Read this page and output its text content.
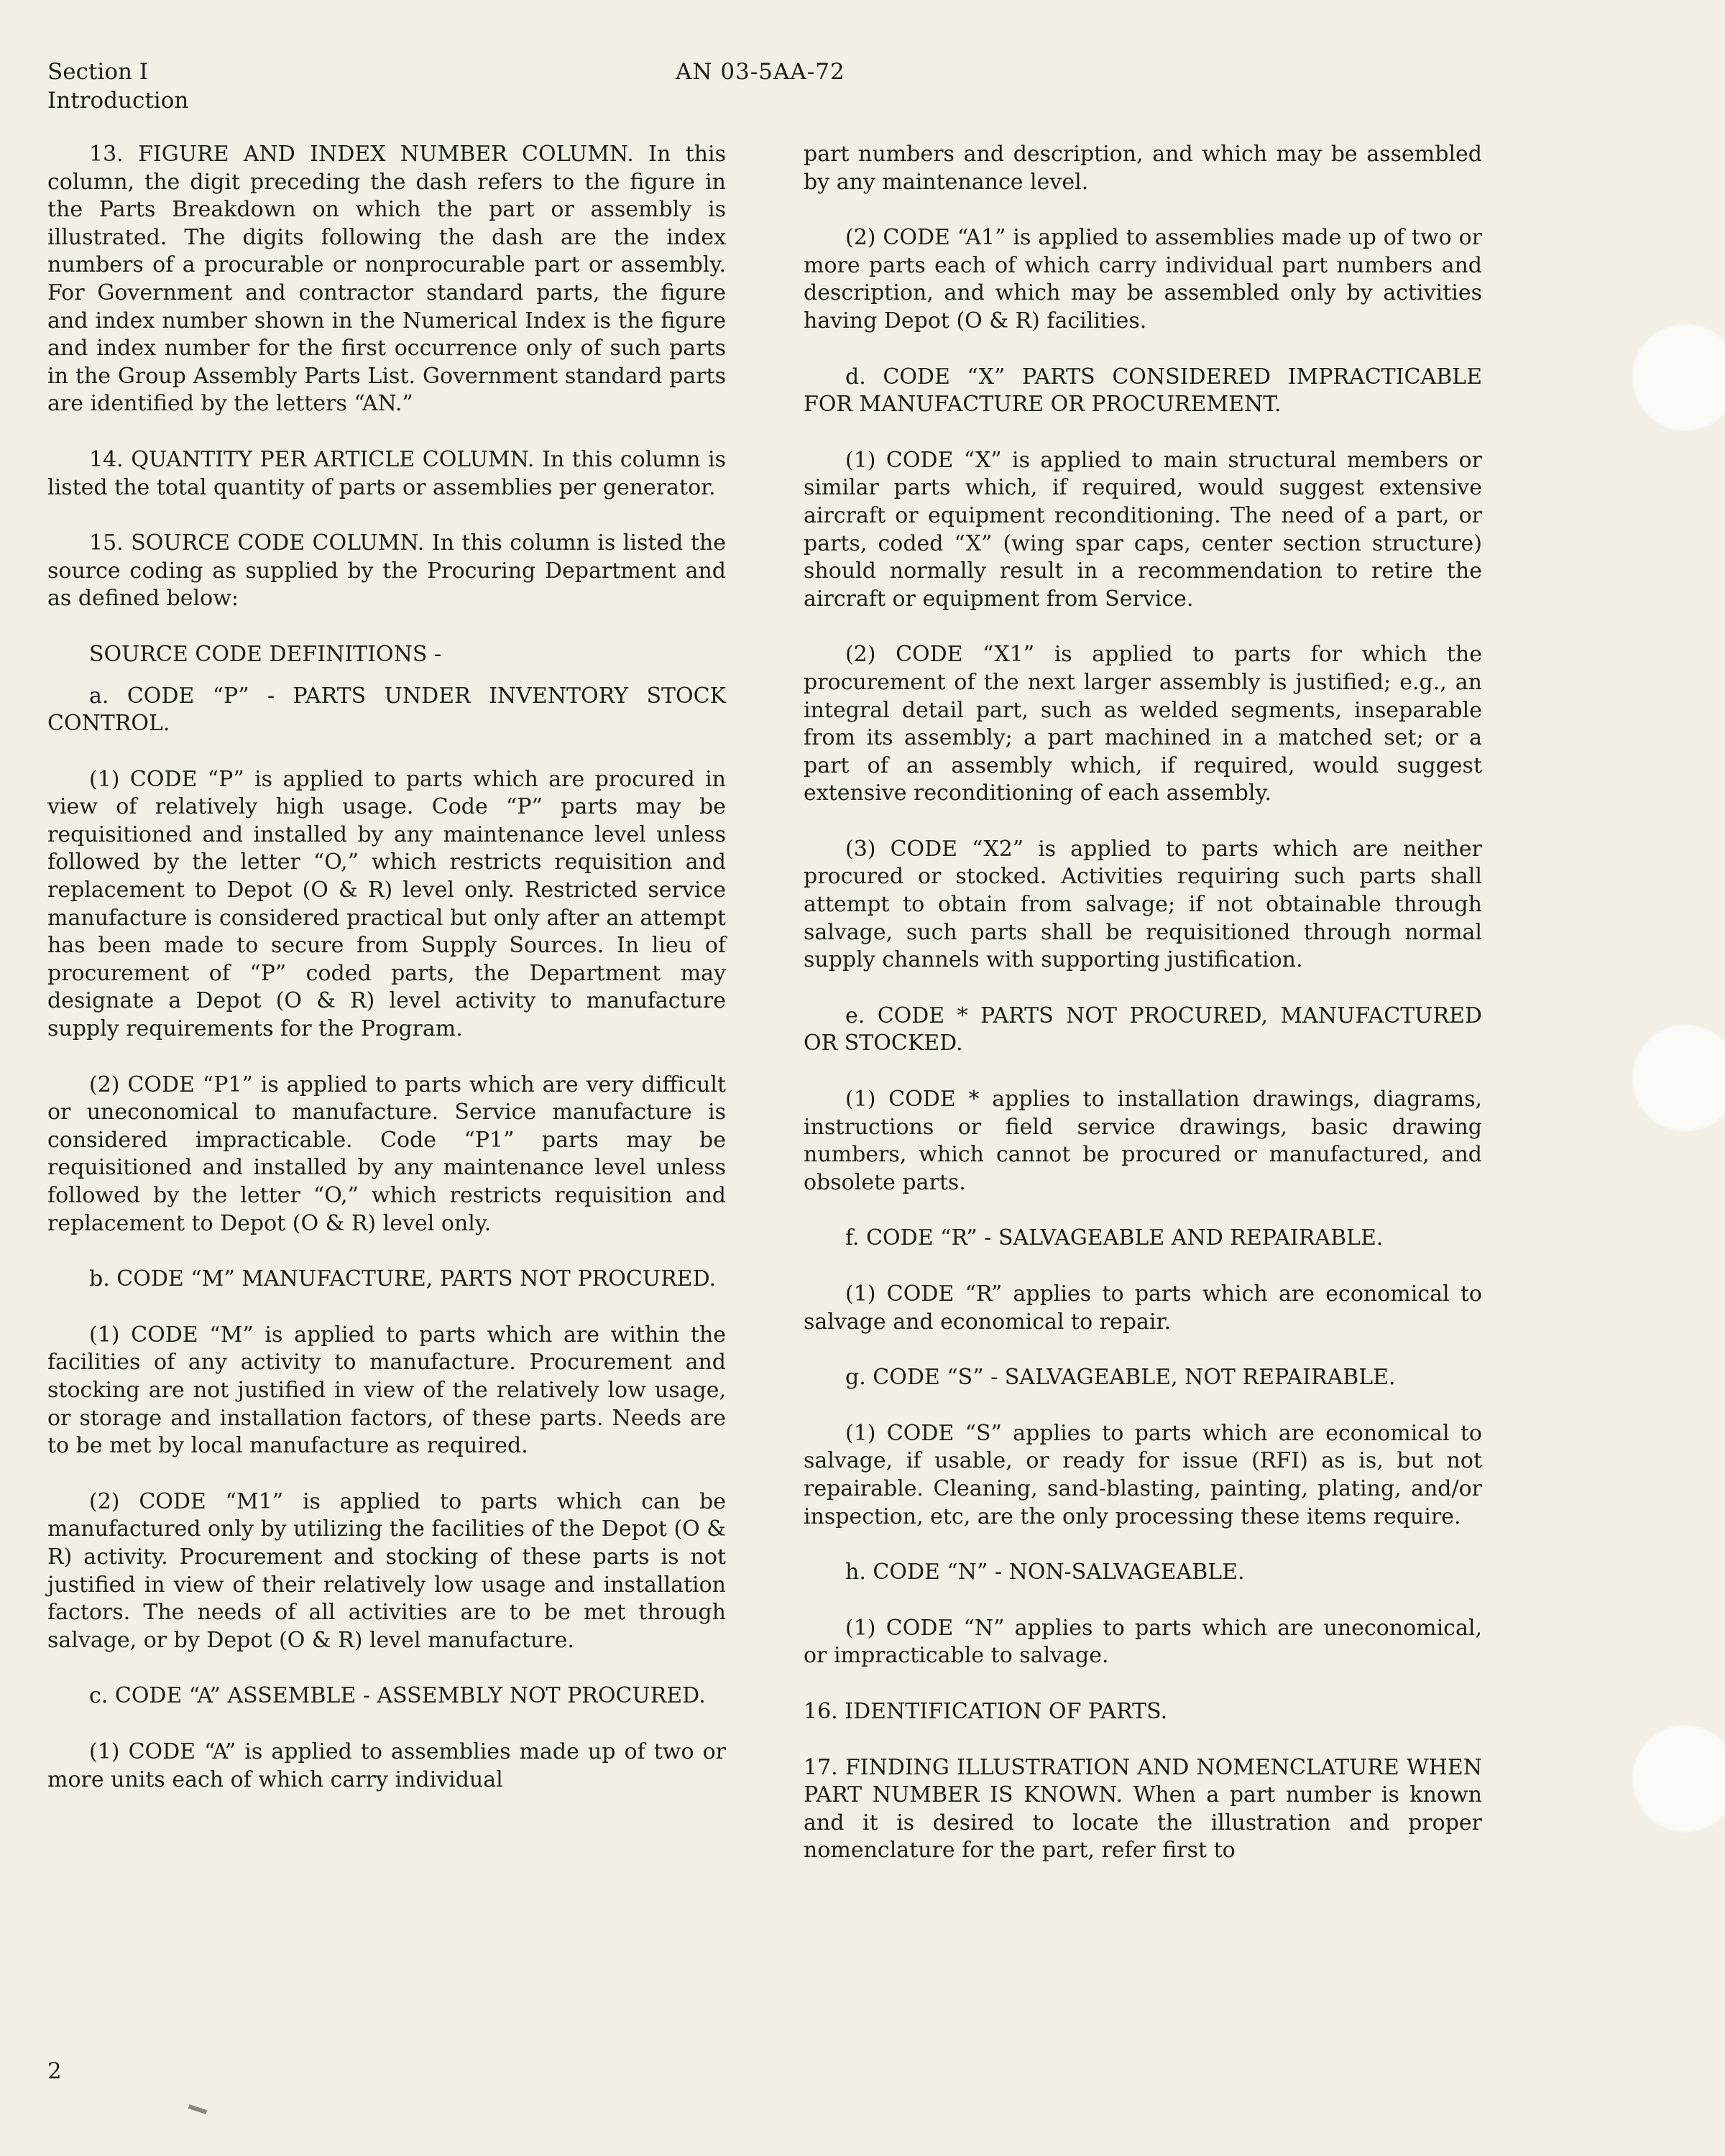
Section I
Introduction
AN 03-5AA-72

13. FIGURE AND INDEX NUMBER COLUMN. In this column, the digit preceding the dash refers to the figure in the Parts Breakdown on which the part or assembly is illustrated. The digits following the dash are the index numbers of a procurable or nonprocurable part or assembly. For Government and contractor standard parts, the figure and index number shown in the Numerical Index is the figure and index number for the first occurrence only of such parts in the Group Assembly Parts List. Government standard parts are identified by the letters “AN.”

14. QUANTITY PER ARTICLE COLUMN. In this column is listed the total quantity of parts or assemblies per generator.

15. SOURCE CODE COLUMN. In this column is listed the source coding as supplied by the Procuring Department and as defined below:

SOURCE CODE DEFINITIONS -

a. CODE “P” - PARTS UNDER INVENTORY STOCK CONTROL.

(1) CODE “P” is applied to parts which are procured in view of relatively high usage. Code “P” parts may be requisitioned and installed by any maintenance level unless followed by the letter “O,” which restricts requisition and replacement to Depot (O & R) level only. Restricted service manufacture is considered practical but only after an attempt has been made to secure from Supply Sources. In lieu of procurement of “P” coded parts, the Department may designate a Depot (O & R) level activity to manufacture supply requirements for the Program.

(2) CODE “P1” is applied to parts which are very difficult or uneconomical to manufacture. Service manufacture is considered impracticable. Code “P1” parts may be requisitioned and installed by any maintenance level unless followed by the letter “O,” which restricts requisition and replacement to Depot (O & R) level only.

b. CODE “M” MANUFACTURE, PARTS NOT PROCURED.

(1) CODE “M” is applied to parts which are within the facilities of any activity to manufacture. Procurement and stocking are not justified in view of the relatively low usage, or storage and installation factors, of these parts. Needs are to be met by local manufacture as required.

(2) CODE “M1” is applied to parts which can be manufactured only by utilizing the facilities of the Depot (O & R) activity. Procurement and stocking of these parts is not justified in view of their relatively low usage and installation factors. The needs of all activities are to be met through salvage, or by Depot (O & R) level manufacture.

c. CODE “A” ASSEMBLE - ASSEMBLY NOT PROCURED.

(1) CODE “A” is applied to assemblies made up of two or more units each of which carry individual

part numbers and description, and which may be assembled by any maintenance level.

(2) CODE “A1” is applied to assemblies made up of two or more parts each of which carry individual part numbers and description, and which may be assembled only by activities having Depot (O & R) facilities.

d. CODE “X” PARTS CONSIDERED IMPRACTICABLE FOR MANUFACTURE OR PROCUREMENT.

(1) CODE “X” is applied to main structural members or similar parts which, if required, would suggest extensive aircraft or equipment reconditioning. The need of a part, or parts, coded “X” (wing spar caps, center section structure) should normally result in a recommendation to retire the aircraft or equipment from Service.

(2) CODE “X1” is applied to parts for which the procurement of the next larger assembly is justified; e.g., an integral detail part, such as welded segments, inseparable from its assembly; a part machined in a matched set; or a part of an assembly which, if required, would suggest extensive reconditioning of each assembly.

(3) CODE “X2” is applied to parts which are neither procured or stocked. Activities requiring such parts shall attempt to obtain from salvage; if not obtainable through salvage, such parts shall be requisitioned through normal supply channels with supporting justification.

e. CODE * PARTS NOT PROCURED, MANUFACTURED OR STOCKED.

(1) CODE * applies to installation drawings, diagrams, instructions or field service drawings, basic drawing numbers, which cannot be procured or manufactured, and obsolete parts.

f. CODE “R” - SALVAGEABLE AND REPAIRABLE.

(1) CODE “R” applies to parts which are economical to salvage and economical to repair.

g. CODE “S” - SALVAGEABLE, NOT REPAIRABLE.

(1) CODE “S” applies to parts which are economical to salvage, if usable, or ready for issue (RFI) as is, but not repairable. Cleaning, sand-blasting, painting, plating, and/or inspection, etc, are the only processing these items require.

h. CODE “N” - NON-SALVAGEABLE.

(1) CODE “N” applies to parts which are uneconomical, or impracticable to salvage.

16. IDENTIFICATION OF PARTS.

17. FINDING ILLUSTRATION AND NOMENCLATURE WHEN PART NUMBER IS KNOWN. When a part number is known and it is desired to locate the illustration and proper nomenclature for the part, refer first to

2
